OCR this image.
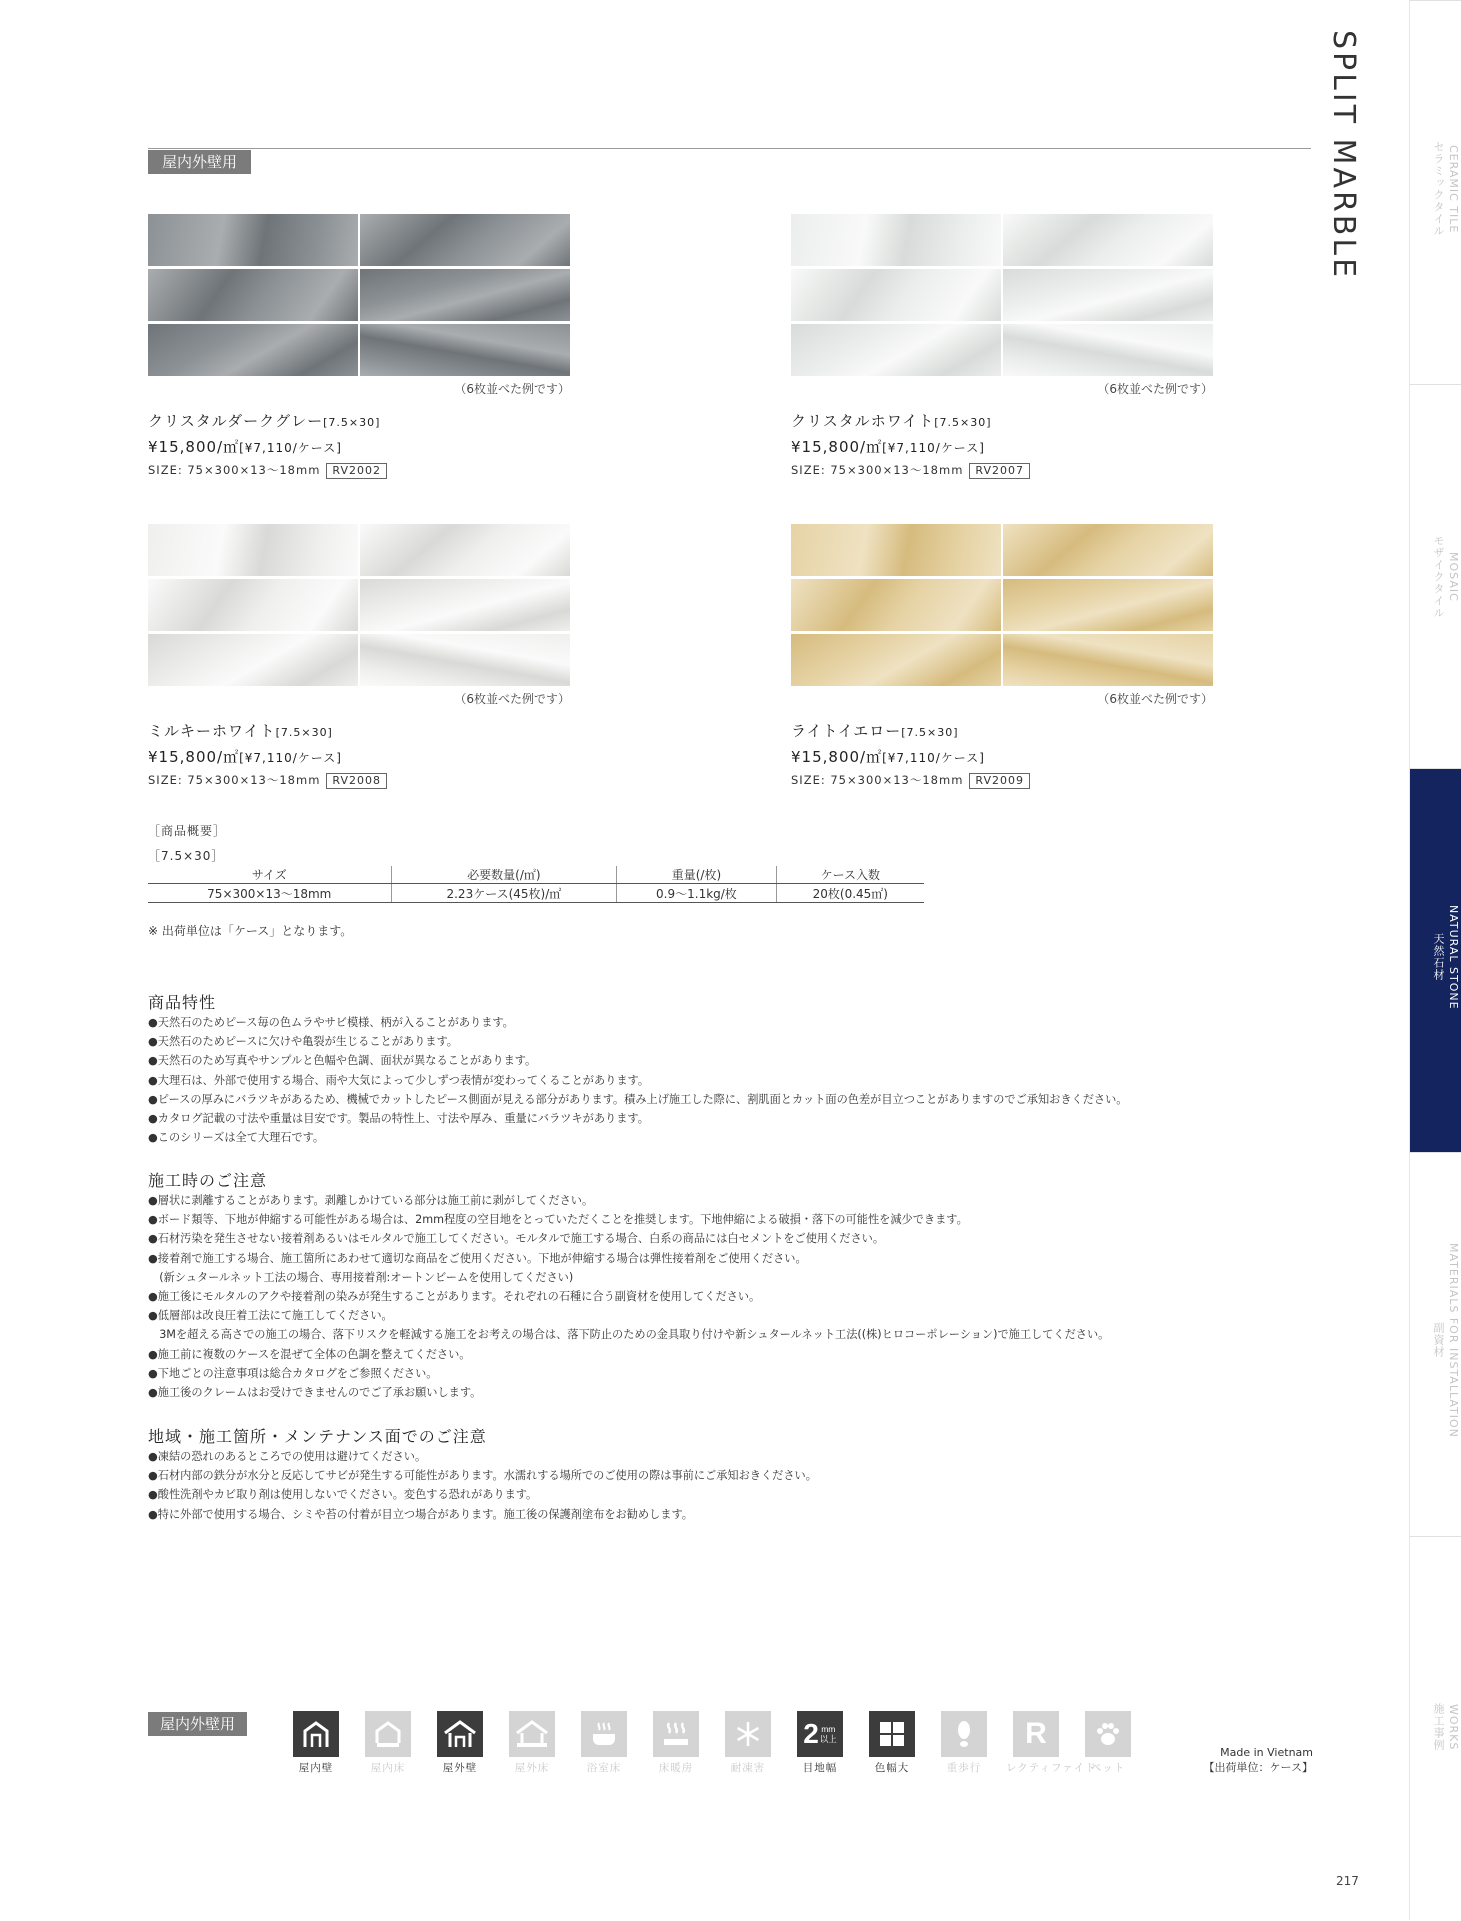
屋内外壁用	SPLIT MARBLE	CERAMIC TILE
セラミックタイル
MOSAIC
モザイクタイル
NATURAL STONE
天然石材
MATERIALS FOR INSTALLATION
副資材
WORKS
施工事例
（6枚並べた例です）
クリスタルダークグレー[7.5×30]
¥15,800/㎡[¥7,110/ケース]
SIZE: 75×300×13〜18mm RV2002
（6枚並べた例です）
クリスタルホワイト[7.5×30]
¥15,800/㎡[¥7,110/ケース]
SIZE: 75×300×13〜18mm RV2007
（6枚並べた例です）
ミルキーホワイト[7.5×30]
¥15,800/㎡[¥7,110/ケース]
SIZE: 75×300×13〜18mm RV2008
（6枚並べた例です）
ライトイエロー[7.5×30]
¥15,800/㎡[¥7,110/ケース]
SIZE: 75×300×13〜18mm RV2009
［商品概要］
［7.5×30］
サイズ	必要数量(/㎡)	重量(/枚)	ケース入数
75×300×13〜18mm	2.23ケース(45枚)/㎡	0.9〜1.1kg/枚	20枚(0.45㎡)
※ 出荷単位は「ケース」となります。
商品特性
●天然石のためピース毎の色ムラやサビ模様、柄が入ることがあります。
●天然石のためピースに欠けや亀裂が生じることがあります。
●天然石のため写真やサンプルと色幅や色調、面状が異なることがあります。
●大理石は、外部で使用する場合、雨や大気によって少しずつ表情が変わってくることがあります。
●ピースの厚みにバラツキがあるため、機械でカットしたピース側面が見える部分があります。積み上げ施工した際に、割肌面とカット面の色差が目立つことがありますのでご承知おきください。
●カタログ記載の寸法や重量は目安です。製品の特性上、寸法や厚み、重量にバラツキがあります。
●このシリーズは全て大理石です。
施工時のご注意
●層状に剥離することがあります。剥離しかけている部分は施工前に剥がしてください。
●ボード類等、下地が伸縮する可能性がある場合は、2mm程度の空目地をとっていただくことを推奨します。下地伸縮による破損・落下の可能性を減少できます。
●石材汚染を発生させない接着剤あるいはモルタルで施工してください。モルタルで施工する場合、白系の商品には白セメントをご使用ください。
●接着剤で施工する場合、施工箇所にあわせて適切な商品をご使用ください。下地が伸縮する場合は弾性接着剤をご使用ください。
　(新シュタールネット工法の場合、専用接着剤:オートンビームを使用してください)
●施工後にモルタルのアクや接着剤の染みが発生することがあります。それぞれの石種に合う副資材を使用してください。
●低層部は改良圧着工法にて施工してください。
　3Mを超える高さでの施工の場合、落下リスクを軽減する施工をお考えの場合は、落下防止のための金具取り付けや新シュタールネット工法((株)ヒロコーポレーション)で施工してください。
●施工前に複数のケースを混ぜて全体の色調を整えてください。
●下地ごとの注意事項は総合カタログをご参照ください。
●施工後のクレームはお受けできませんのでご了承お願いします。
地域・施工箇所・メンテナンス面でのご注意
●凍結の恐れのあるところでの使用は避けてください。
●石材内部の鉄分が水分と反応してサビが発生する可能性があります。水濡れする場所でのご使用の際は事前にご承知おきください。
●酸性洗剤やカビ取り剤は使用しないでください。変色する恐れがあります。
●特に外部で使用する場合、シミや苔の付着が目立つ場合があります。施工後の保護剤塗布をお勧めします。
屋内外壁用
屋内壁	屋内床	屋外壁	屋外床	浴室床	床暖房	耐凍害
2 mm
以上
目地幅	色幅大	重歩行
R
レクティファイド
ペット
Made in Vietnam
【出荷単位：ケース】
217
